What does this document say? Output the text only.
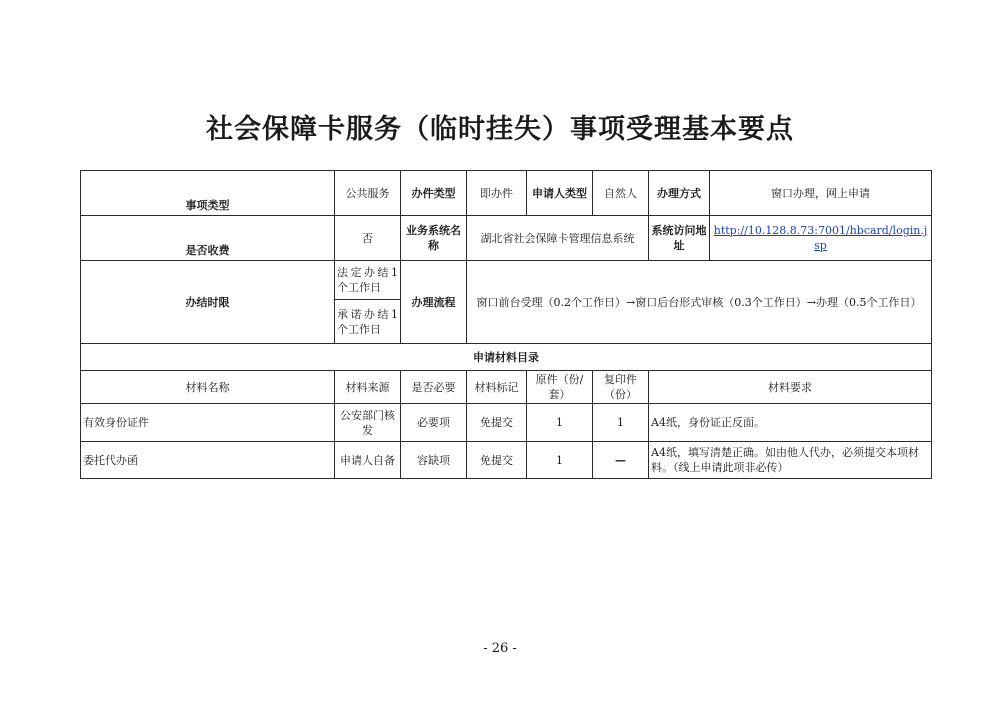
社会保障卡服务（临时挂失）事项受理基本要点
事项类型	公共服务	办件类型	即办件	申请人类型	自然人	办理方式	窗口办理，网上申请
是否收费	否	业务系统名称	湖北省社会保障卡管理信息系统			系统访问地址	http://10.128.8.73:7001/hbcard/login.jsp
办结时限	法定办结1个工作日	办理流程	窗口前台受理（0.2个工作日）→窗口后台形式审核（0.3个工作日）→办理（0.5个工作日）				
	承诺办结1个工作日						
申请材料目录							
材料名称	材料来源	是否必要	材料标记	原件（份/套）	复印件（份）	材料要求	
有效身份证件	公安部门核发	必要项	免提交	1	1	A4纸，身份证正反面。	
委托代办函	申请人自备	容缺项	免提交	1	—	A4纸，填写清楚正确。如由他人代办，必须提交本项材料。（线上申请此项非必传）	
- 26 -
